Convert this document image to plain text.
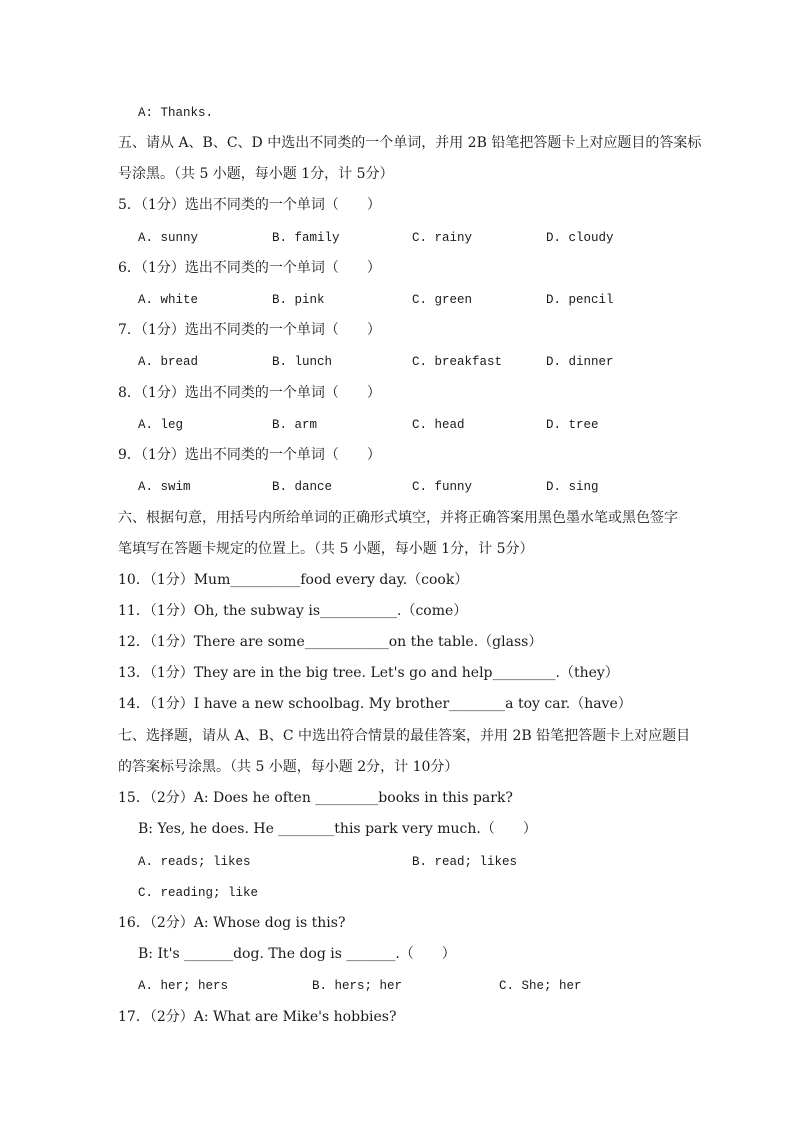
A: Thanks.
五、请从 A、B、C、D 中选出不同类的一个单词，并用 2B 铅笔把答题卡上对应题目的答案标
号涂黑。（共 5 小题，每小题 1分，计 5分）
5．（1分）选出不同类的一个单词（　　）
A. sunny	B. family	C. rainy	D. cloudy
6．（1分）选出不同类的一个单词（　　）
A. white	B. pink	C. green	D. pencil
7．（1分）选出不同类的一个单词（　　）
A. bread	B. lunch	C. breakfast	D. dinner
8．（1分）选出不同类的一个单词（　　）
A. leg	B. arm	C. head	D. tree
9．（1分）选出不同类的一个单词（　　）
A. swim	B. dance	C. funny	D. sing
六、根据句意，用括号内所给单词的正确形式填空，并将正确答案用黑色墨水笔或黑色签字
笔填写在答题卡规定的位置上。（共 5 小题，每小题 1分，计 5分）
10．（1分）Mum__________food every day.（cook）
11．（1分）Oh, the subway is___________.（come）
12．（1分）There are some____________on the table.（glass）
13．（1分）They are in the big tree. Let's go and help_________.（they）
14．（1分）I have a new schoolbag. My brother________a toy car.（have）
七、选择题，请从 A、B、C 中选出符合情景的最佳答案，并用 2B 铅笔把答题卡上对应题目
的答案标号涂黑。（共 5 小题，每小题 2分，计 10分）
15．（2分）A: Does he often _________books in this park?
B: Yes, he does. He ________this park very much.（　　）
A. reads; likes	B. read; likes
C. reading; like
16．（2分）A: Whose dog is this?
B: It's _______dog. The dog is _______.（　　）
A. her; hers	B. hers; her	C. She; her
17．（2分）A: What are Mike's hobbies?
